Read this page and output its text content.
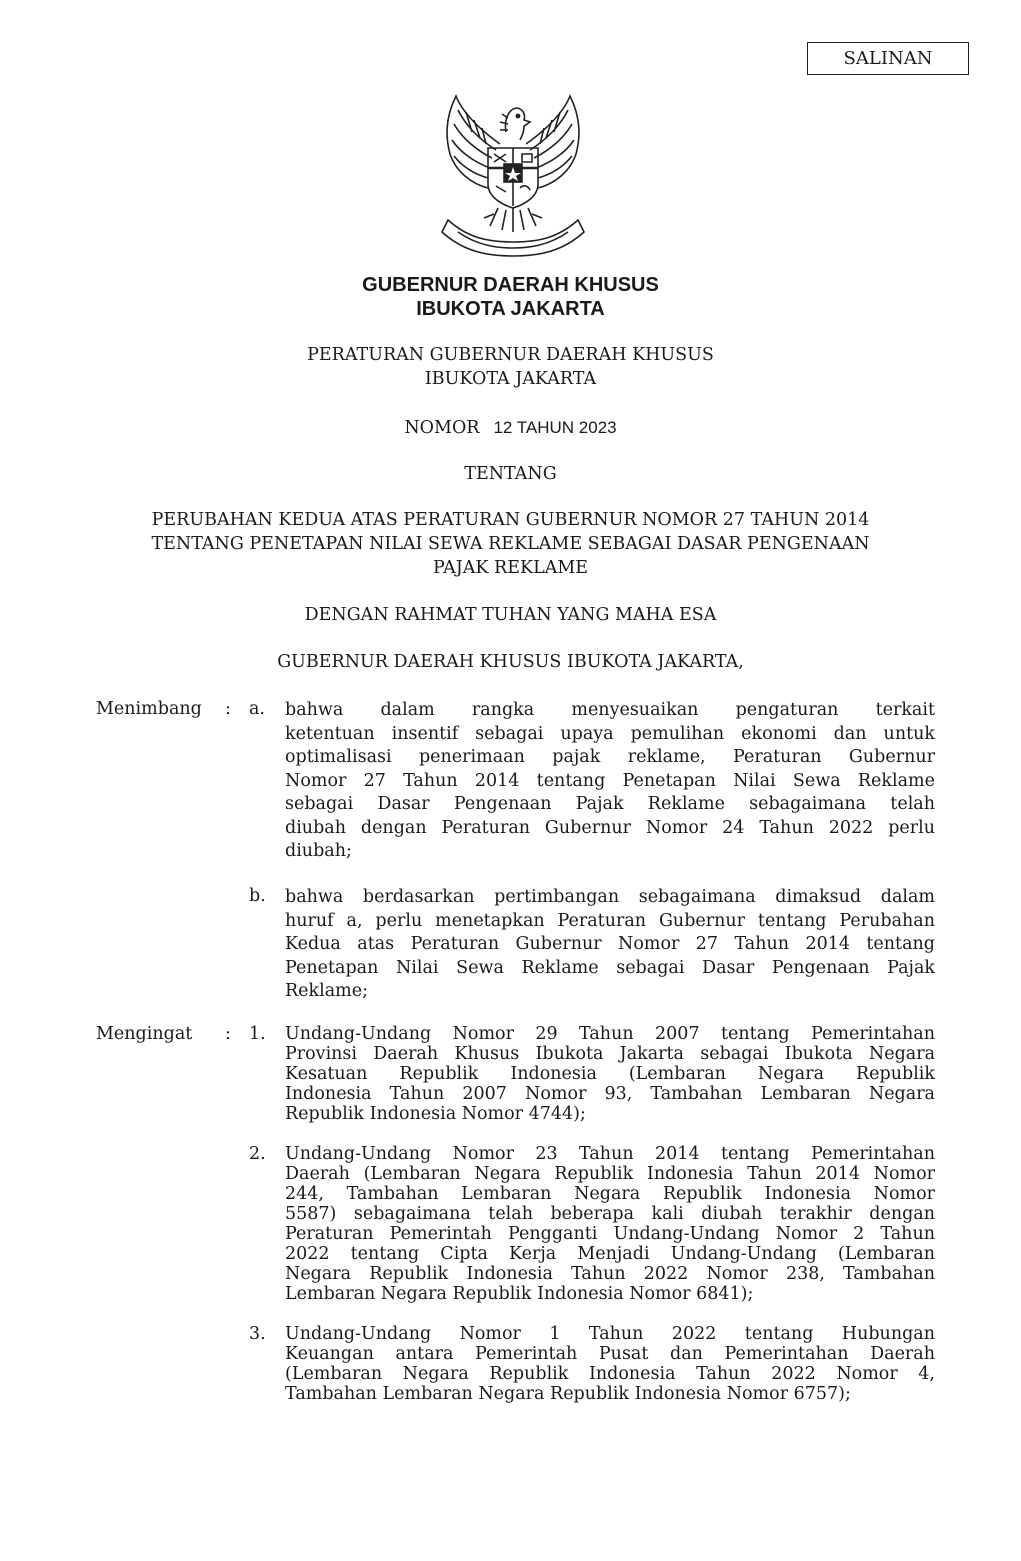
SALINAN
GUBERNUR DAERAH KHUSUS
IBUKOTA JAKARTA
PERATURAN GUBERNUR DAERAH KHUSUS
IBUKOTA JAKARTA
NOMOR 12 TAHUN 2023
TENTANG
PERUBAHAN KEDUA ATAS PERATURAN GUBERNUR NOMOR 27 TAHUN 2014
TENTANG PENETAPAN NILAI SEWA REKLAME SEBAGAI DASAR PENGENAAN
PAJAK REKLAME
DENGAN RAHMAT TUHAN YANG MAHA ESA
GUBERNUR DAERAH KHUSUS IBUKOTA JAKARTA,
Menimbang : a. bahwa dalam rangka menyesuaikan pengaturan terkait
ketentuan insentif sebagai upaya pemulihan ekonomi dan untuk
optimalisasi penerimaan pajak reklame, Peraturan Gubernur
Nomor 27 Tahun 2014 tentang Penetapan Nilai Sewa Reklame
sebagai Dasar Pengenaan Pajak Reklame sebagaimana telah
diubah dengan Peraturan Gubernur Nomor 24 Tahun 2022 perlu
diubah;
b. bahwa berdasarkan pertimbangan sebagaimana dimaksud dalam
huruf a, perlu menetapkan Peraturan Gubernur tentang Perubahan
Kedua atas Peraturan Gubernur Nomor 27 Tahun 2014 tentang
Penetapan Nilai Sewa Reklame sebagai Dasar Pengenaan Pajak
Reklame;
Mengingat : 1. Undang-Undang Nomor 29 Tahun 2007 tentang Pemerintahan
Provinsi Daerah Khusus Ibukota Jakarta sebagai Ibukota Negara
Kesatuan Republik Indonesia (Lembaran Negara Republik
Indonesia Tahun 2007 Nomor 93, Tambahan Lembaran Negara
Republik Indonesia Nomor 4744);
2. Undang-Undang Nomor 23 Tahun 2014 tentang Pemerintahan
Daerah (Lembaran Negara Republik Indonesia Tahun 2014 Nomor
244, Tambahan Lembaran Negara Republik Indonesia Nomor
5587) sebagaimana telah beberapa kali diubah terakhir dengan
Peraturan Pemerintah Pengganti Undang-Undang Nomor 2 Tahun
2022 tentang Cipta Kerja Menjadi Undang-Undang (Lembaran
Negara Republik Indonesia Tahun 2022 Nomor 238, Tambahan
Lembaran Negara Republik Indonesia Nomor 6841);
3. Undang-Undang Nomor 1 Tahun 2022 tentang Hubungan
Keuangan antara Pemerintah Pusat dan Pemerintahan Daerah
(Lembaran Negara Republik Indonesia Tahun 2022 Nomor 4,
Tambahan Lembaran Negara Republik Indonesia Nomor 6757);
